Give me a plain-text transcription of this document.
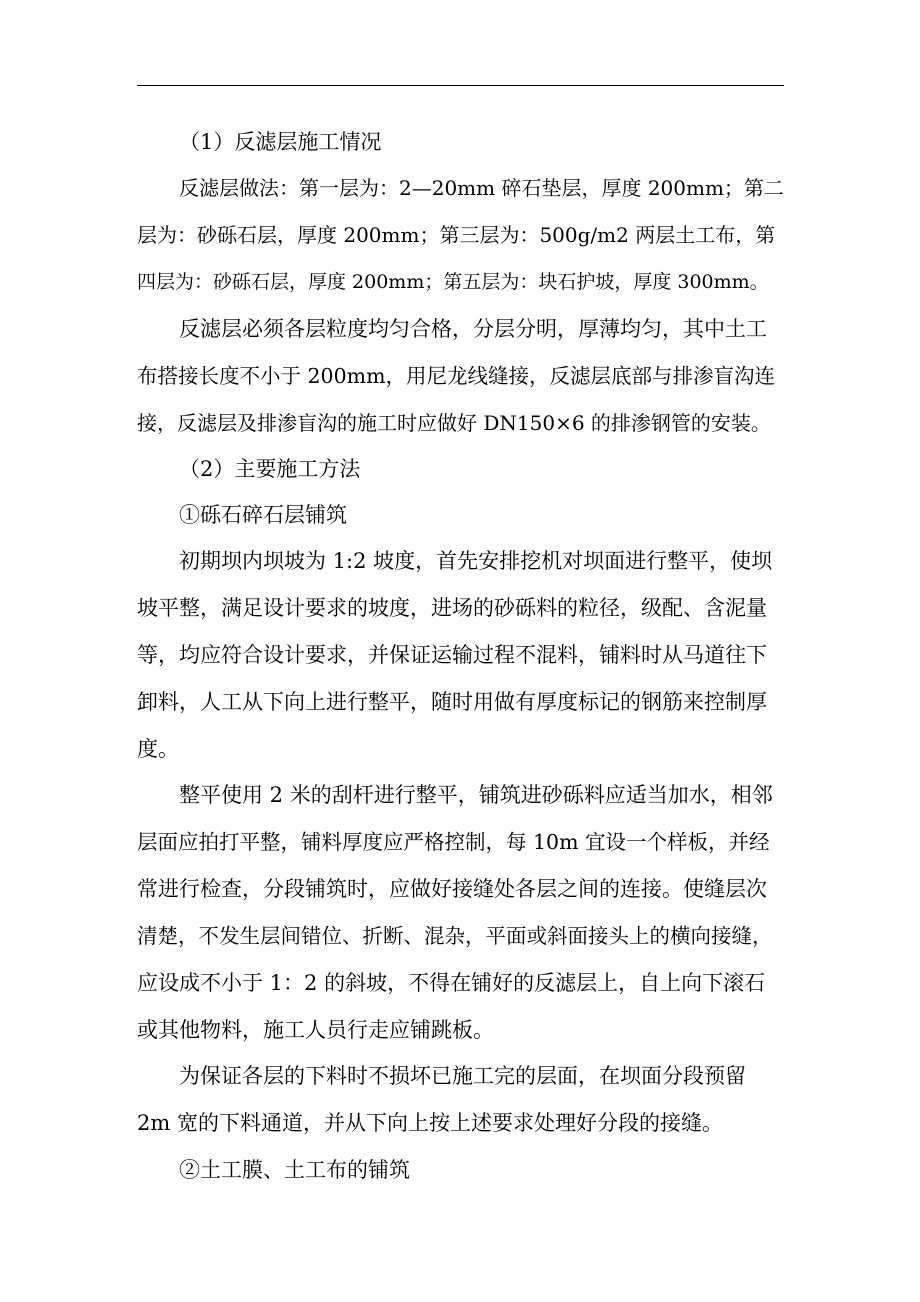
（1）反滤层施工情况
反滤层做法：第一层为：2—20mm 碎石垫层，厚度 200mm；第二
层为：砂砾石层，厚度 200mm；第三层为：500g/m2 两层土工布，第
四层为：砂砾石层，厚度 200mm；第五层为：块石护坡，厚度 300mm。
反滤层必须各层粒度均匀合格，分层分明，厚薄均匀，其中土工
布搭接长度不小于 200mm，用尼龙线缝接，反滤层底部与排渗盲沟连
接，反滤层及排渗盲沟的施工时应做好 DN150×6 的排渗钢管的安装。
（2）主要施工方法
①砾石碎石层铺筑
初期坝内坝坡为 1:2 坡度，首先安排挖机对坝面进行整平，使坝
坡平整，满足设计要求的坡度，进场的砂砾料的粒径，级配、含泥量
等，均应符合设计要求，并保证运输过程不混料，铺料时从马道往下
卸料，人工从下向上进行整平，随时用做有厚度标记的钢筋来控制厚
度。
整平使用 2 米的刮杆进行整平，铺筑进砂砾料应适当加水，相邻
层面应拍打平整，铺料厚度应严格控制，每 10m 宜设一个样板，并经
常进行检查，分段铺筑时，应做好接缝处各层之间的连接。使缝层次
清楚，不发生层间错位、折断、混杂，平面或斜面接头上的横向接缝，
应设成不小于 1：2 的斜坡，不得在铺好的反滤层上，自上向下滚石
或其他物料，施工人员行走应铺跳板。
为保证各层的下料时不损坏已施工完的层面，在坝面分段预留
2m 宽的下料通道，并从下向上按上述要求处理好分段的接缝。
②土工膜、土工布的铺筑
